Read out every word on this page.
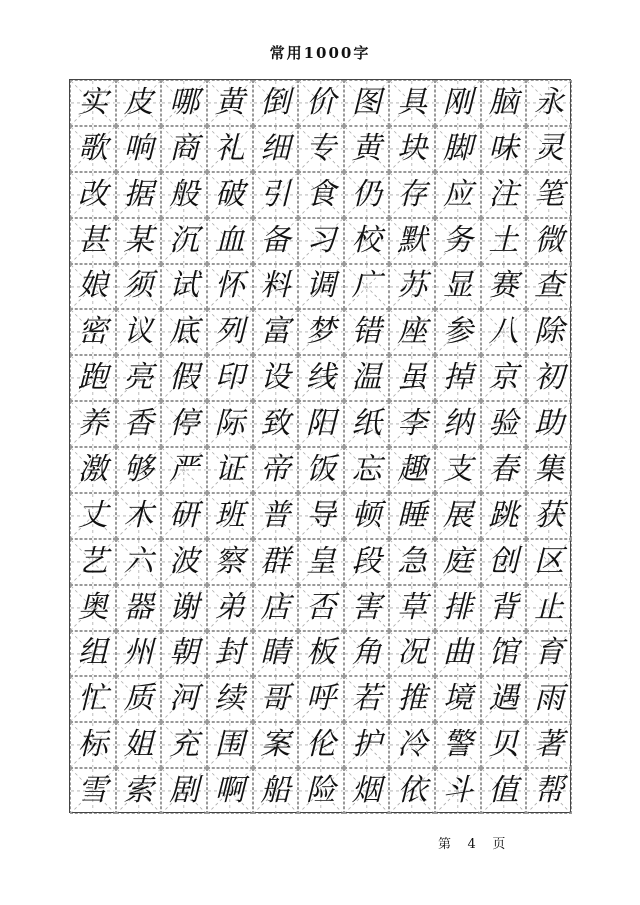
常用1000字
实 皮 哪 黄 倒 价 图 具 刚 脑 永
歌 响 商 礼 细 专 黄 块 脚 味 灵
改 据 般 破 引 食 仍 存 应 注 笔
甚 某 沉 血 备 习 校 默 务 土 微
娘 须 试 怀 料 调 广 苏 显 赛 查
密 议 底 列 富 梦 错 座 参 八 除
跑 亮 假 印 设 线 温 虽 掉 京 初
养 香 停 际 致 阳 纸 李 纳 验 助
激 够 严 证 帝 饭 忘 趣 支 春 集
丈 木 研 班 普 导 顿 睡 展 跳 获
艺 六 波 察 群 皇 段 急 庭 创 区
奥 器 谢 弟 店 否 害 草 排 背 止
组 州 朝 封 睛 板 角 况 曲 馆 育
忙 质 河 续 哥 呼 若 推 境 遇 雨
标 姐 充 围 案 伦 护 冷 警 贝 著
雪 索 剧 啊 船 险 烟 依 斗 值 帮
第 4 页
